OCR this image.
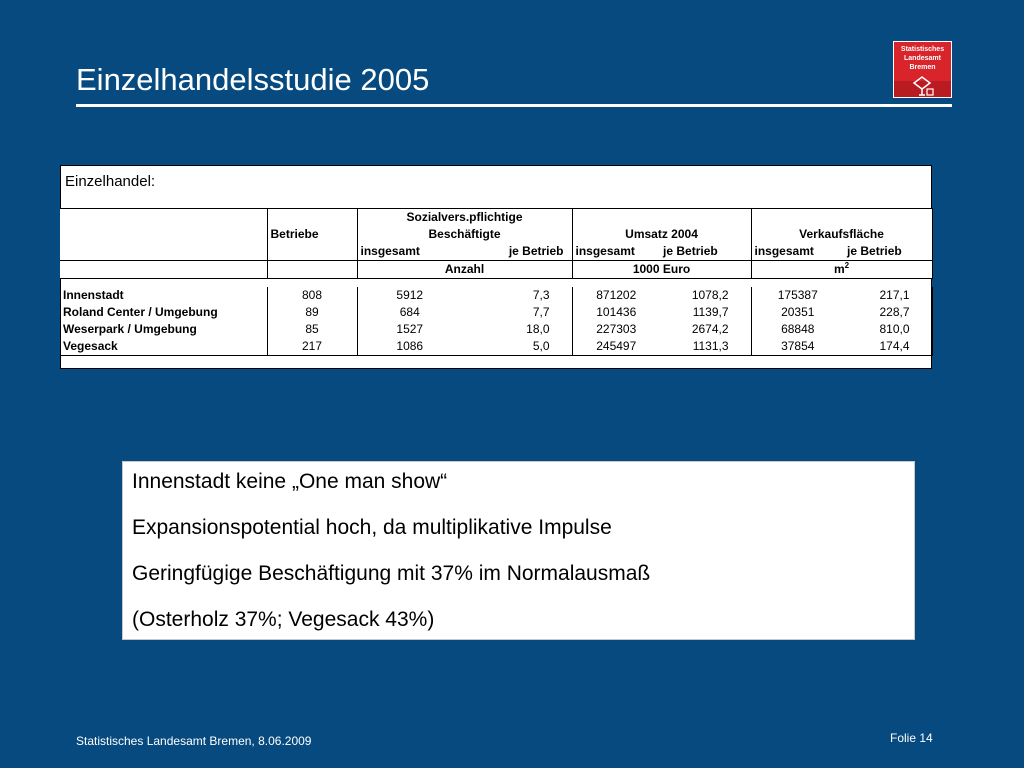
Einzelhandelsstudie 2005
Statistisches
Landesamt
Bremen
Einzelhandel:
		Sozialvers.pflichtige					
	Betriebe	Beschäftigte		Umsatz 2004		Verkaufsfläche	
		insgesamt	je Betrieb	insgesamt	je Betrieb	insgesamt	je Betrieb
		Anzahl		1000 Euro		$m^2$

Innenstadt	808	5912	7,3	871202	1078,2	175387	217,1
Roland Center / Umgebung	89	684	7,7	101436	1139,7	20351	228,7
Weserpark / Umgebung	85	1527	18,0	227303	2674,2	68848	810,0
Vegesack	217	1086	5,0	245497	1131,3	37854	174,4
Innenstadt keine „One man show“
Expansionspotential hoch, da multiplikative Impulse
Geringfügige Beschäftigung mit 37% im Normalausmaß
(Osterholz 37%; Vegesack 43%)
Statistisches Landesamt Bremen, 8.06.2009	Folie 14
